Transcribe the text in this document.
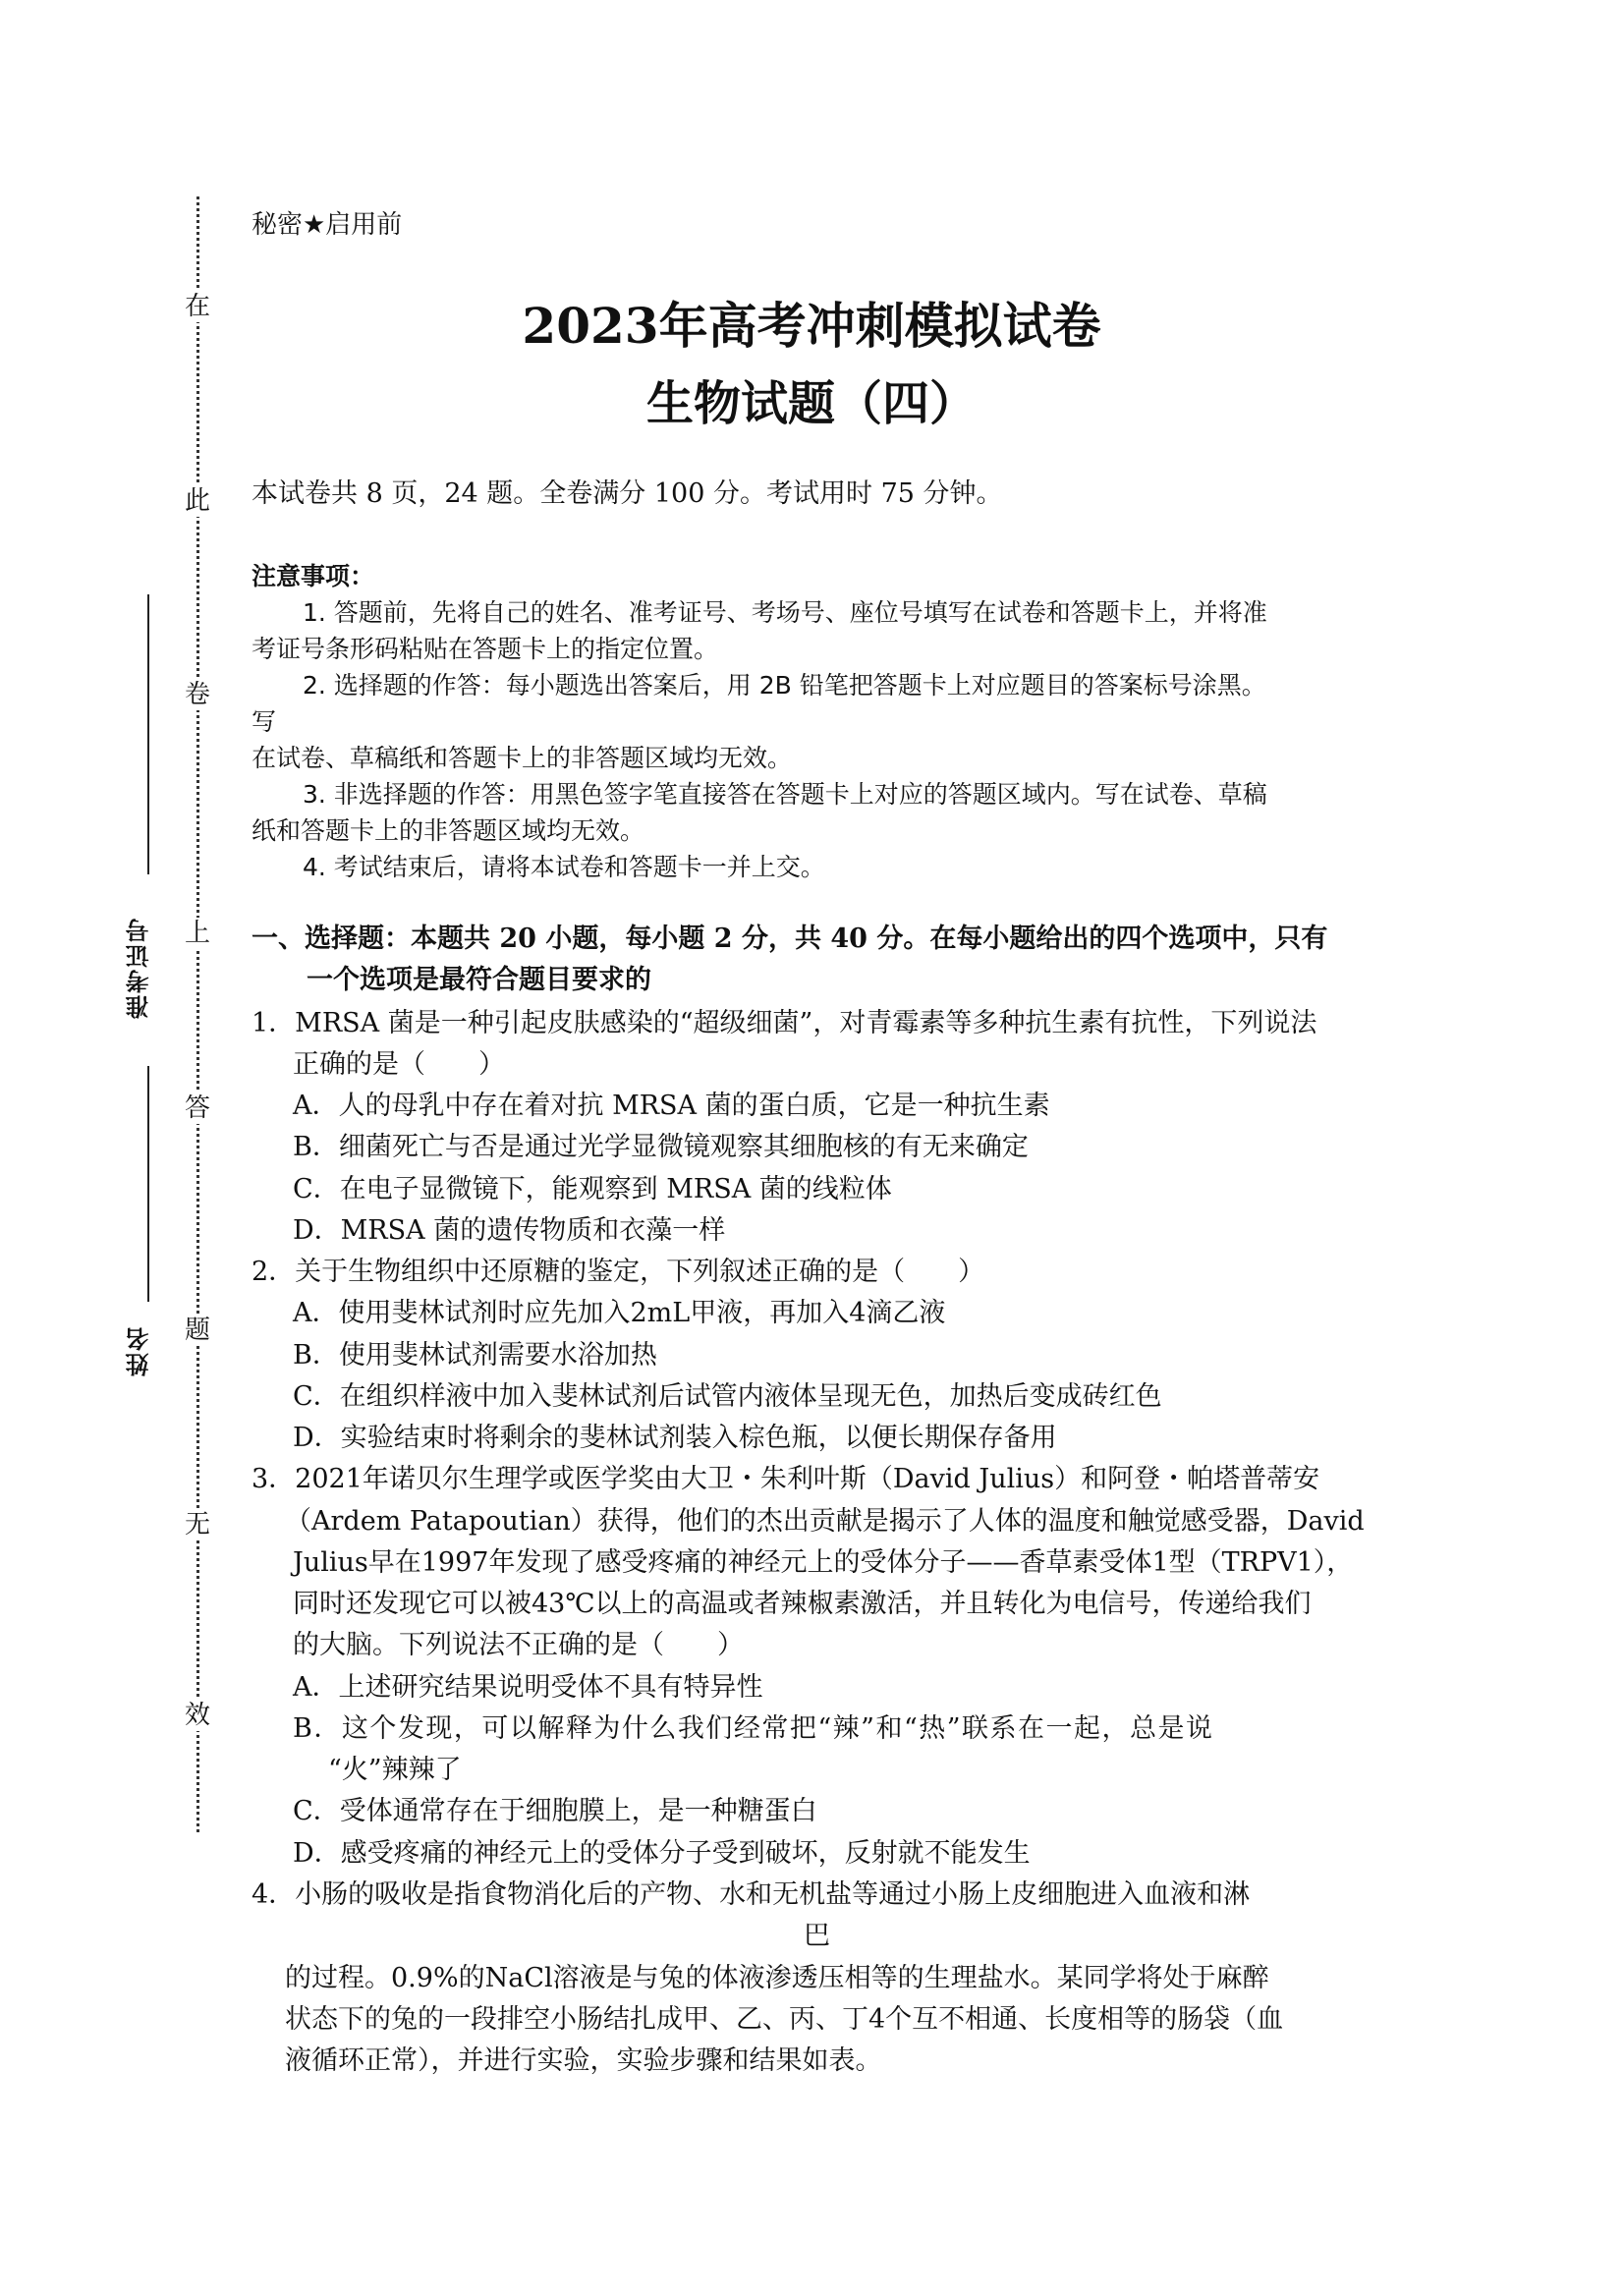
在
此
卷
上
答
题
无
效
准考证号
姓名
秘密★启用前
2023年高考冲刺模拟试卷
生物试题（四）
本试卷共 8 页，24 题。全卷满分 100 分。考试用时 75 分钟。
注意事项：
1. 答题前，先将自己的姓名、准考证号、考场号、座位号填写在试卷和答题卡上，并将准
考证号条形码粘贴在答题卡上的指定位置。
2. 选择题的作答：每小题选出答案后，用 2B 铅笔把答题卡上对应题目的答案标号涂黑。
写
在试卷、草稿纸和答题卡上的非答题区域均无效。
3. 非选择题的作答：用黑色签字笔直接答在答题卡上对应的答题区域内。写在试卷、草稿
纸和答题卡上的非答题区域均无效。
4. 考试结束后，请将本试卷和答题卡一并上交。
一、选择题：本题共 20 小题，每小题 2 分，共 40 分。在每小题给出的四个选项中，只有
一个选项是最符合题目要求的
1．MRSA 菌是一种引起皮肤感染的“超级细菌”，对青霉素等多种抗生素有抗性，下列说法
正确的是（　　）
A．人的母乳中存在着对抗 MRSA 菌的蛋白质，它是一种抗生素
B．细菌死亡与否是通过光学显微镜观察其细胞核的有无来确定
C．在电子显微镜下，能观察到 MRSA 菌的线粒体
D．MRSA 菌的遗传物质和衣藻一样
2．关于生物组织中还原糖的鉴定，下列叙述正确的是（　　）
A．使用斐林试剂时应先加入2mL甲液，再加入4滴乙液
B．使用斐林试剂需要水浴加热
C．在组织样液中加入斐林试剂后试管内液体呈现无色，加热后变成砖红色
D．实验结束时将剩余的斐林试剂装入棕色瓶，以便长期保存备用
3．2021年诺贝尔生理学或医学奖由大卫・朱利叶斯（David Julius）和阿登・帕塔普蒂安
（Ardem Patapoutian）获得，他们的杰出贡献是揭示了人体的温度和触觉感受器，David
Julius早在1997年发现了感受疼痛的神经元上的受体分子——香草素受体1型（TRPV1），
同时还发现它可以被43℃以上的高温或者辣椒素激活，并且转化为电信号，传递给我们
的大脑。下列说法不正确的是（　　）
A．上述研究结果说明受体不具有特异性
B．这个发现，可以解释为什么我们经常把“辣”和“热”联系在一起，总是说
“火”辣辣了
C．受体通常存在于细胞膜上，是一种糖蛋白
D．感受疼痛的神经元上的受体分子受到破坏，反射就不能发生
4．小肠的吸收是指食物消化后的产物、水和无机盐等通过小肠上皮细胞进入血液和淋
巴
的过程。0.9%的NaCl溶液是与兔的体液渗透压相等的生理盐水。某同学将处于麻醉
状态下的兔的一段排空小肠结扎成甲、乙、丙、丁4个互不相通、长度相等的肠袋（血
液循环正常），并进行实验，实验步骤和结果如表。
